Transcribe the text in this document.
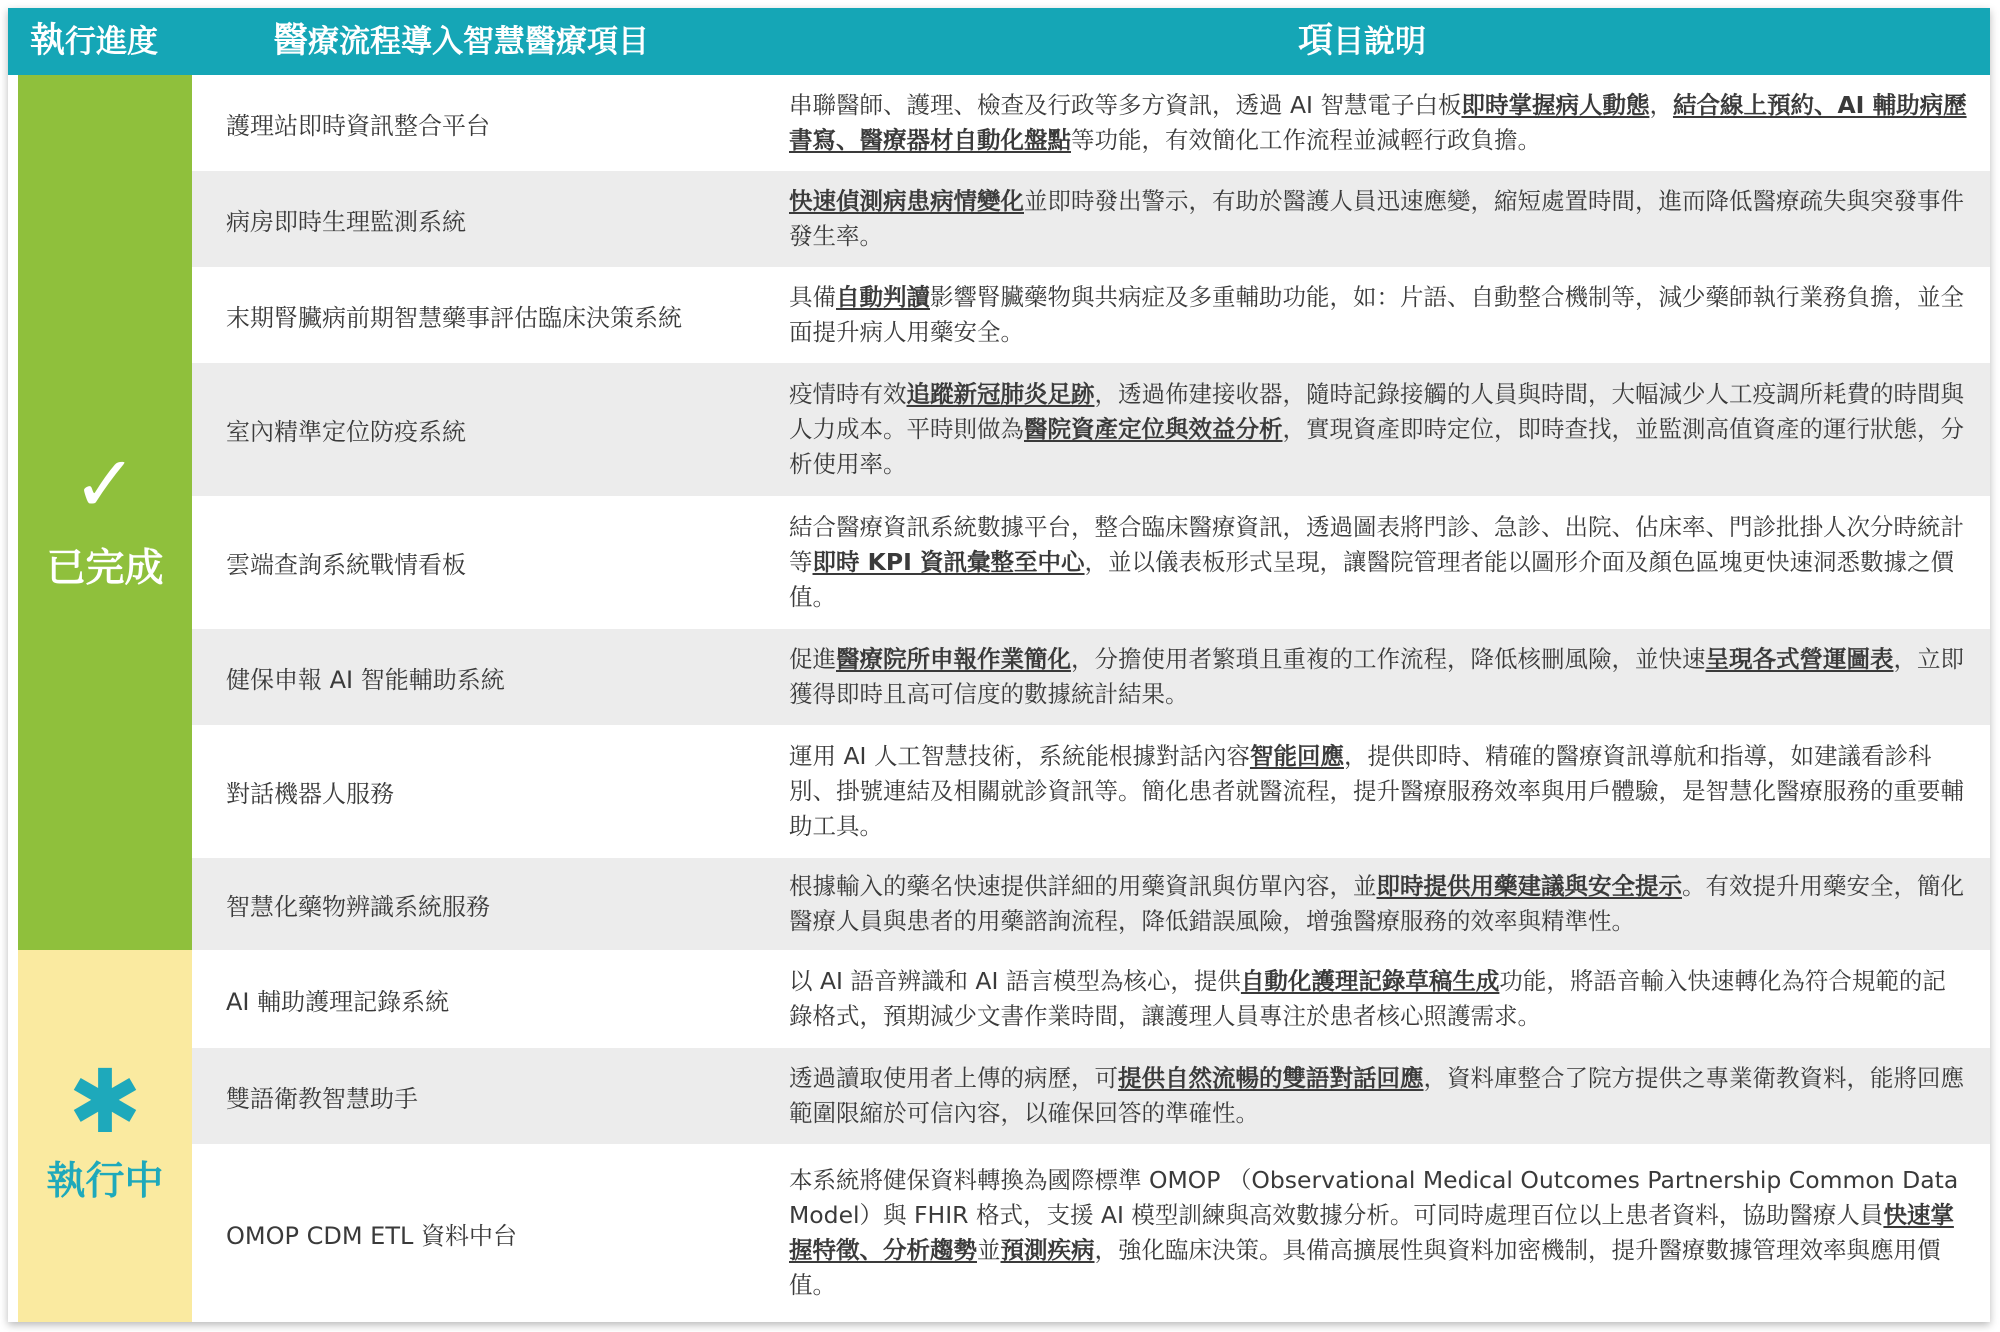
執行進度	醫療流程導入智慧醫療項目	項目說明
✓
已完成
✱
執行中
護理站即時資訊整合平台
串聯醫師、護理、檢查及行政等多方資訊，透過 AI 智慧電子白板即時掌握病人動態，結合線上預約、AI 輔助病歷書寫、醫療器材自動化盤點等功能，有效簡化工作流程並減輕行政負擔。
病房即時生理監測系統
快速偵測病患病情變化並即時發出警示，有助於醫護人員迅速應變，縮短處置時間，進而降低醫療疏失與突發事件發生率。
末期腎臟病前期智慧藥事評估臨床決策系統
具備自動判讀影響腎臟藥物與共病症及多重輔助功能，如：片語、自動整合機制等，減少藥師執行業務負擔，並全面提升病人用藥安全。
室內精準定位防疫系統
疫情時有效追蹤新冠肺炎足跡，透過佈建接收器，隨時記錄接觸的人員與時間，大幅減少人工疫調所耗費的時間與人力成本。平時則做為醫院資產定位與效益分析，實現資產即時定位，即時查找，並監測高值資產的運行狀態，分析使用率。
雲端查詢系統戰情看板
結合醫療資訊系統數據平台，整合臨床醫療資訊，透過圖表將門診、急診、出院、佔床率、門診批掛人次分時統計等即時 KPI 資訊彙整至中心，並以儀表板形式呈現，讓醫院管理者能以圖形介面及顏色區塊更快速洞悉數據之價值。
健保申報 AI 智能輔助系統
促進醫療院所申報作業簡化，分擔使用者繁瑣且重複的工作流程，降低核刪風險，並快速呈現各式營運圖表，立即獲得即時且高可信度的數據統計結果。
對話機器人服務
運用 AI 人工智慧技術，系統能根據對話內容智能回應，提供即時、精確的醫療資訊導航和指導，如建議看診科別、掛號連結及相關就診資訊等。簡化患者就醫流程，提升醫療服務效率與用戶體驗，是智慧化醫療服務的重要輔助工具。
智慧化藥物辨識系統服務
根據輸入的藥名快速提供詳細的用藥資訊與仿單內容，並即時提供用藥建議與安全提示。有效提升用藥安全，簡化醫療人員與患者的用藥諮詢流程，降低錯誤風險，增強醫療服務的效率與精準性。
AI 輔助護理記錄系統
以 AI 語音辨識和 AI 語言模型為核心，提供自動化護理記錄草稿生成功能，將語音輸入快速轉化為符合規範的記錄格式，預期減少文書作業時間，讓護理人員專注於患者核心照護需求。
雙語衛教智慧助手
透過讀取使用者上傳的病歷，可提供自然流暢的雙語對話回應，資料庫整合了院方提供之專業衛教資料，能將回應範圍限縮於可信內容，以確保回答的準確性。
OMOP CDM ETL 資料中台
本系統將健保資料轉換為國際標準 OMOP （Observational Medical Outcomes Partnership Common Data Model）與 FHIR 格式，支援 AI 模型訓練與高效數據分析。可同時處理百位以上患者資料，協助醫療人員快速掌握特徵、分析趨勢並預測疾病，強化臨床決策。具備高擴展性與資料加密機制，提升醫療數據管理效率與應用價值。
